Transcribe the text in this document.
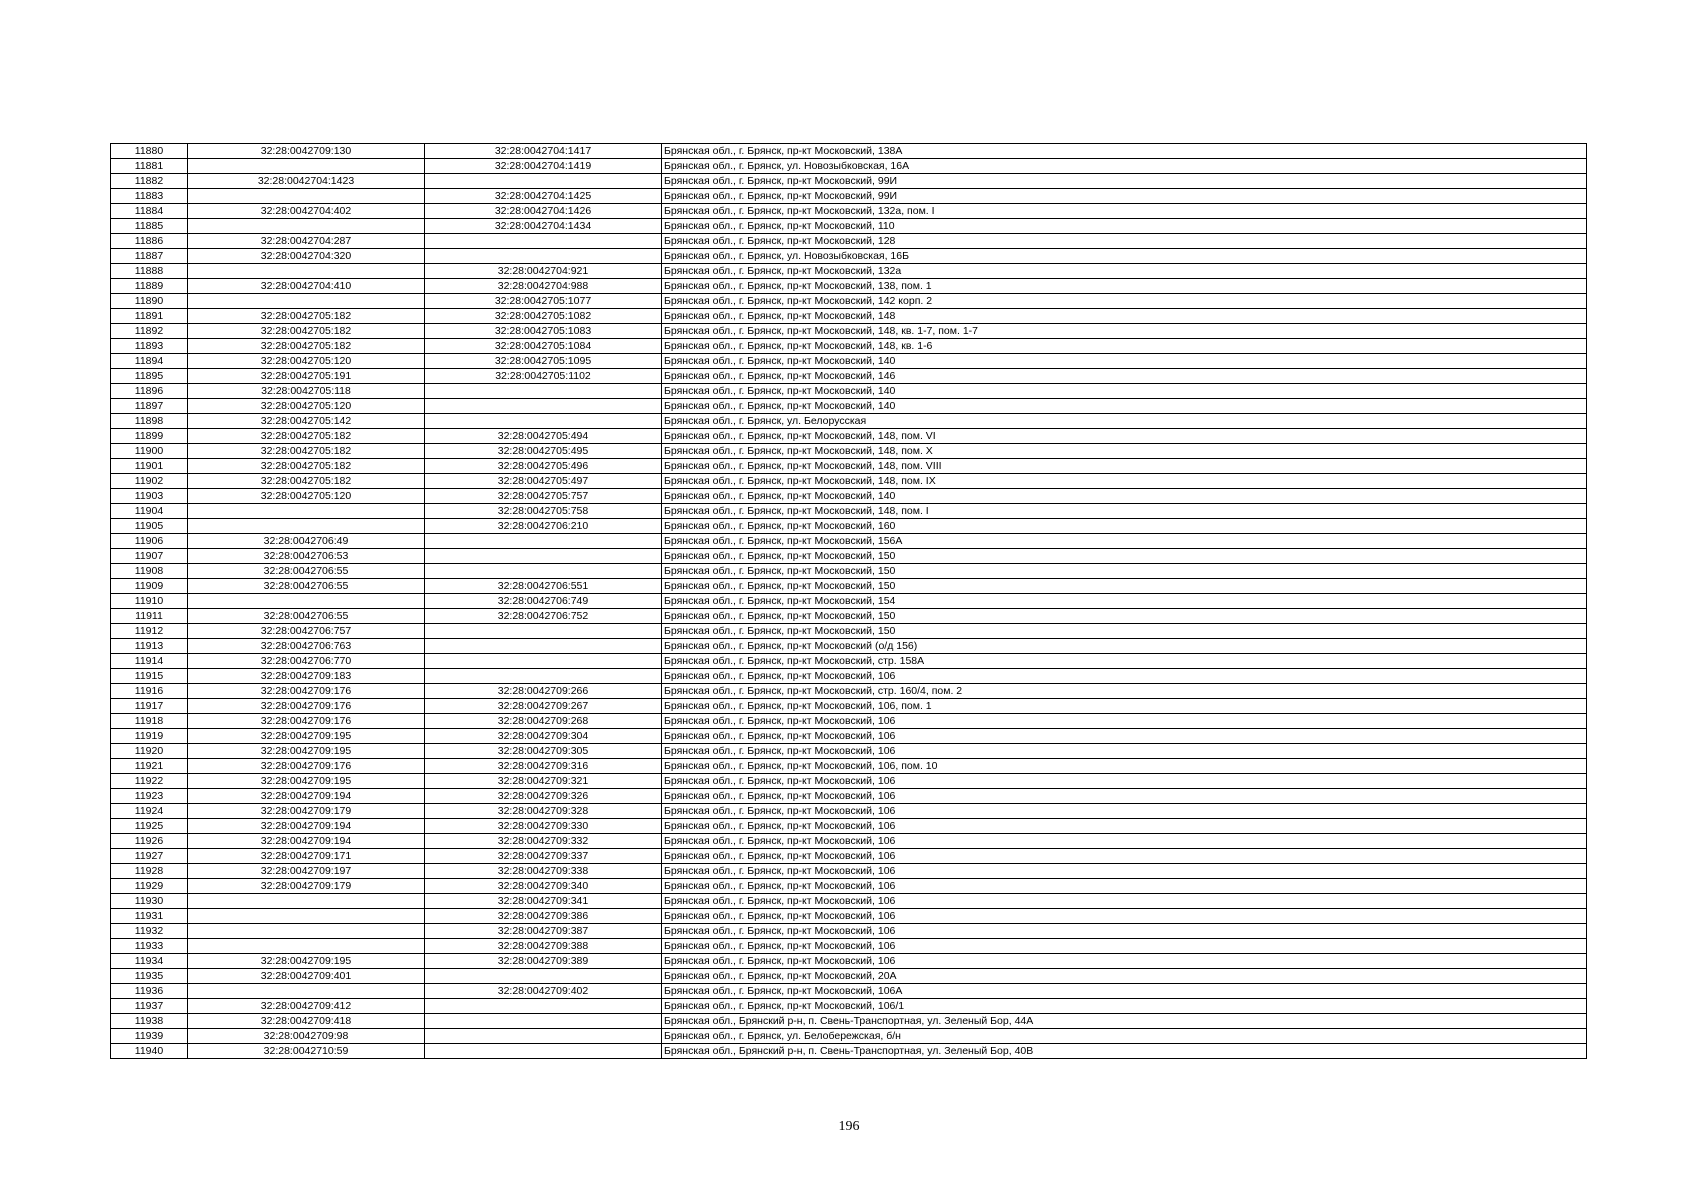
11880	32:28:0042709:130	32:28:0042704:1417	Брянская обл., г. Брянск, пр-кт Московский, 138А
11881		32:28:0042704:1419	Брянская обл., г. Брянск, ул. Новозыбковская, 16А
11882	32:28:0042704:1423		Брянская обл., г. Брянск, пр-кт Московский, 99И
11883		32:28:0042704:1425	Брянская обл., г. Брянск, пр-кт Московский, 99И
11884	32:28:0042704:402	32:28:0042704:1426	Брянская обл., г. Брянск, пр-кт Московский, 132а, пом. I
11885		32:28:0042704:1434	Брянская обл., г. Брянск, пр-кт Московский, 110
11886	32:28:0042704:287		Брянская обл., г. Брянск, пр-кт Московский, 128
11887	32:28:0042704:320		Брянская обл., г. Брянск, ул. Новозыбковская, 16Б
11888		32:28:0042704:921	Брянская обл., г. Брянск, пр-кт Московский, 132а
11889	32:28:0042704:410	32:28:0042704:988	Брянская обл., г. Брянск, пр-кт Московский, 138, пом. 1
11890		32:28:0042705:1077	Брянская обл., г. Брянск, пр-кт Московский, 142 корп. 2
11891	32:28:0042705:182	32:28:0042705:1082	Брянская обл., г. Брянск, пр-кт Московский, 148
11892	32:28:0042705:182	32:28:0042705:1083	Брянская обл., г. Брянск, пр-кт Московский, 148, кв. 1-7, пом. 1-7
11893	32:28:0042705:182	32:28:0042705:1084	Брянская обл., г. Брянск, пр-кт Московский, 148, кв. 1-6
11894	32:28:0042705:120	32:28:0042705:1095	Брянская обл., г. Брянск, пр-кт Московский, 140
11895	32:28:0042705:191	32:28:0042705:1102	Брянская обл., г. Брянск, пр-кт Московский, 146
11896	32:28:0042705:118		Брянская обл., г. Брянск, пр-кт Московский, 140
11897	32:28:0042705:120		Брянская обл., г. Брянск, пр-кт Московский, 140
11898	32:28:0042705:142		Брянская обл., г. Брянск, ул. Белорусская
11899	32:28:0042705:182	32:28:0042705:494	Брянская обл., г. Брянск, пр-кт Московский, 148, пом. VI
11900	32:28:0042705:182	32:28:0042705:495	Брянская обл., г. Брянск, пр-кт Московский, 148, пом. X
11901	32:28:0042705:182	32:28:0042705:496	Брянская обл., г. Брянск, пр-кт Московский, 148, пом. VIII
11902	32:28:0042705:182	32:28:0042705:497	Брянская обл., г. Брянск, пр-кт Московский, 148, пом. IX
11903	32:28:0042705:120	32:28:0042705:757	Брянская обл., г. Брянск, пр-кт Московский, 140
11904		32:28:0042705:758	Брянская обл., г. Брянск, пр-кт Московский, 148, пом. I
11905		32:28:0042706:210	Брянская обл., г. Брянск, пр-кт Московский, 160
11906	32:28:0042706:49		Брянская обл., г. Брянск, пр-кт Московский, 156А
11907	32:28:0042706:53		Брянская обл., г. Брянск, пр-кт Московский, 150
11908	32:28:0042706:55		Брянская обл., г. Брянск, пр-кт Московский, 150
11909	32:28:0042706:55	32:28:0042706:551	Брянская обл., г. Брянск, пр-кт Московский, 150
11910		32:28:0042706:749	Брянская обл., г. Брянск, пр-кт Московский, 154
11911	32:28:0042706:55	32:28:0042706:752	Брянская обл., г. Брянск, пр-кт Московский, 150
11912	32:28:0042706:757		Брянская обл., г. Брянск, пр-кт Московский, 150
11913	32:28:0042706:763		Брянская обл., г. Брянск, пр-кт Московский (о/д 156)
11914	32:28:0042706:770		Брянская обл., г. Брянск, пр-кт Московский, стр. 158А
11915	32:28:0042709:183		Брянская обл., г. Брянск, пр-кт Московский, 106
11916	32:28:0042709:176	32:28:0042709:266	Брянская обл., г. Брянск, пр-кт Московский, стр. 160/4, пом. 2
11917	32:28:0042709:176	32:28:0042709:267	Брянская обл., г. Брянск, пр-кт Московский, 106, пом. 1
11918	32:28:0042709:176	32:28:0042709:268	Брянская обл., г. Брянск, пр-кт Московский, 106
11919	32:28:0042709:195	32:28:0042709:304	Брянская обл., г. Брянск, пр-кт Московский, 106
11920	32:28:0042709:195	32:28:0042709:305	Брянская обл., г. Брянск, пр-кт Московский, 106
11921	32:28:0042709:176	32:28:0042709:316	Брянская обл., г. Брянск, пр-кт Московский, 106, пом. 10
11922	32:28:0042709:195	32:28:0042709:321	Брянская обл., г. Брянск, пр-кт Московский, 106
11923	32:28:0042709:194	32:28:0042709:326	Брянская обл., г. Брянск, пр-кт Московский, 106
11924	32:28:0042709:179	32:28:0042709:328	Брянская обл., г. Брянск, пр-кт Московский, 106
11925	32:28:0042709:194	32:28:0042709:330	Брянская обл., г. Брянск, пр-кт Московский, 106
11926	32:28:0042709:194	32:28:0042709:332	Брянская обл., г. Брянск, пр-кт Московский, 106
11927	32:28:0042709:171	32:28:0042709:337	Брянская обл., г. Брянск, пр-кт Московский, 106
11928	32:28:0042709:197	32:28:0042709:338	Брянская обл., г. Брянск, пр-кт Московский, 106
11929	32:28:0042709:179	32:28:0042709:340	Брянская обл., г. Брянск, пр-кт Московский, 106
11930		32:28:0042709:341	Брянская обл., г. Брянск, пр-кт Московский, 106
11931		32:28:0042709:386	Брянская обл., г. Брянск, пр-кт Московский, 106
11932		32:28:0042709:387	Брянская обл., г. Брянск, пр-кт Московский, 106
11933		32:28:0042709:388	Брянская обл., г. Брянск, пр-кт Московский, 106
11934	32:28:0042709:195	32:28:0042709:389	Брянская обл., г. Брянск, пр-кт Московский, 106
11935	32:28:0042709:401		Брянская обл., г. Брянск, пр-кт Московский, 20А
11936		32:28:0042709:402	Брянская обл., г. Брянск, пр-кт Московский, 106А
11937	32:28:0042709:412		Брянская обл., г. Брянск, пр-кт Московский, 106/1
11938	32:28:0042709:418		Брянская обл., Брянский р-н, п. Свень-Транспортная, ул. Зеленый Бор, 44А
11939	32:28:0042709:98		Брянская обл., г. Брянск, ул. Белобережская, б/н
11940	32:28:0042710:59		Брянская обл., Брянский р-н, п. Свень-Транспортная, ул. Зеленый Бор, 40В
196
